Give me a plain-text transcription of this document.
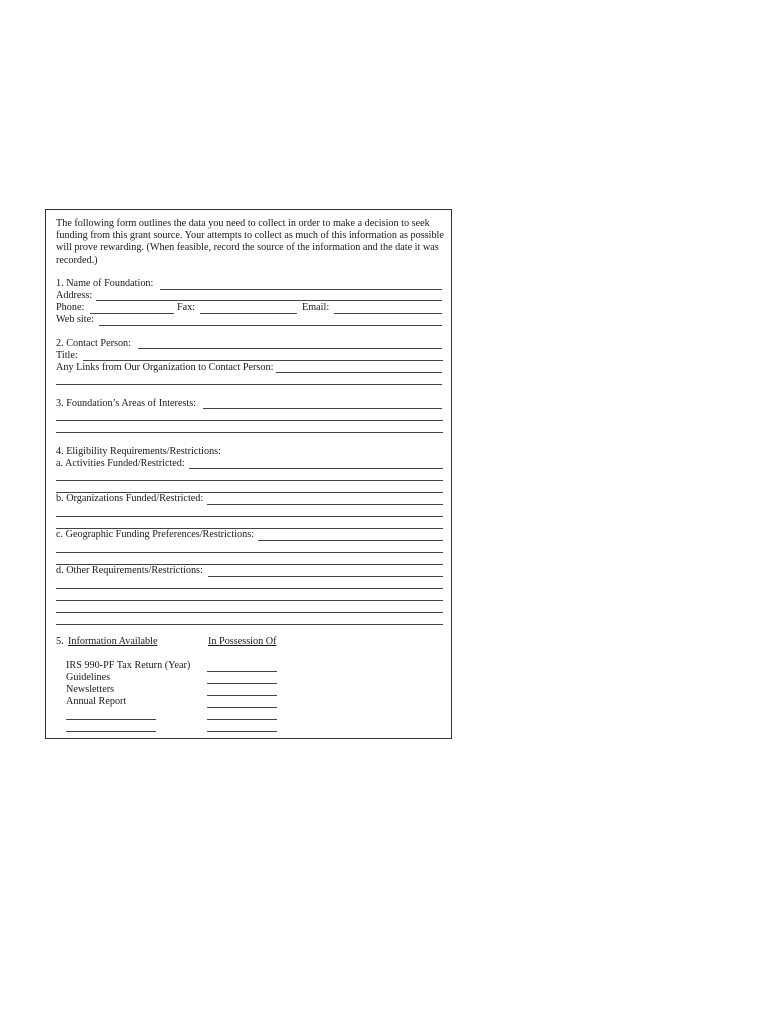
The following form outlines the data you need to collect in order to make a decision to seek funding from this grant source. Your attempts to collect as much of this information as possible will prove rewarding. (When feasible, record the source of the information and the date it was recorded.)
1. Name of Foundation:
Address:
Phone:	Fax:	Email:
Web site:
2. Contact Person:
Title:
Any Links from Our Organization to Contact Person:
3. Foundation’s Areas of Interests:
4. Eligibility Requirements/Restrictions:
a. Activities Funded/Restricted:
b. Organizations Funded/Restricted:
c. Geographic Funding Preferences/Restrictions:
d. Other Requirements/Restrictions:
5. Information Available	In Possession Of
IRS 990-PF Tax Return (Year)
Guidelines
Newsletters
Annual Report
